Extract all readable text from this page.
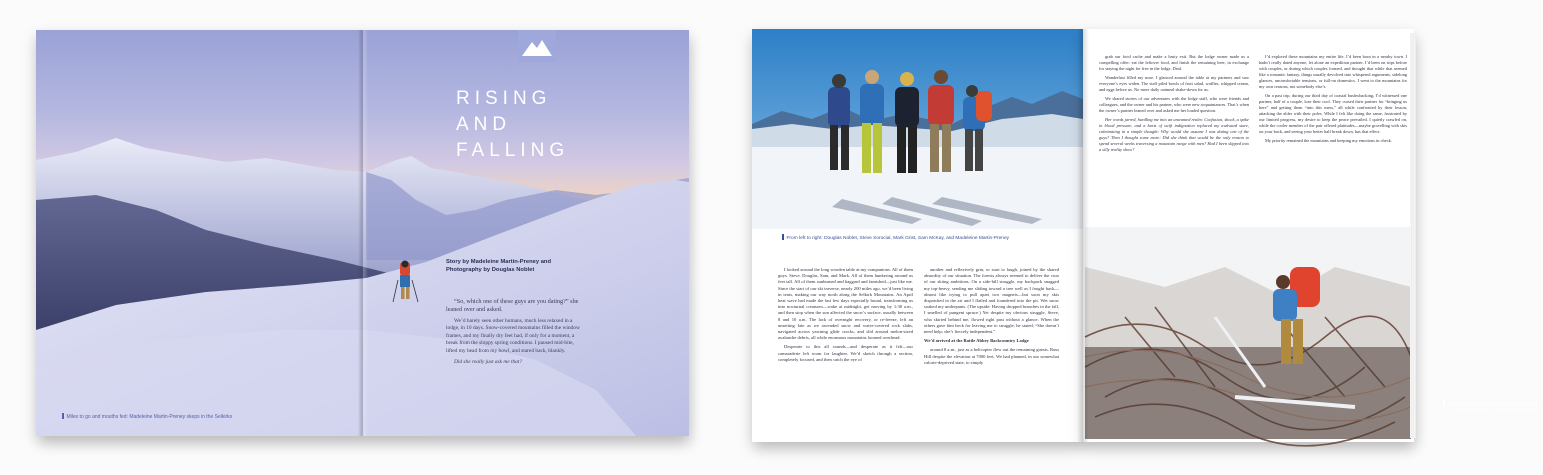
RISING
AND
FALLING
Story by Madeleine Martin-Preney and
Photography by Douglas Noblet

“So, which one of these guys are you dating?” she leaned over and asked.

We’d barely seen other humans, much less relaxed in a lodge, in 10 days. Snow-covered mountains filled the window frames, and my finally dry feet had, if only for a moment, a break from the sloppy spring conditions. I paused mid-bite, lifted my head from my bowl, and stared back, blankly.

Did she really just ask me that?

Miles to go and mouths fed: Madeleine Martin-Preney skeps in the Selkirks
From left to right: Douglas Noblet, Steve Sorocial, Mark Grist, Sam McKay, and Madeleine Martin-Preney

I looked around the long wooden table at my companions. All of them guys. Steve, Douglas, Sam, and Mark. All of them hunkering around us feet tall. All of them sunburned and haggard and famished—just like me. Since the start of our ski traverse, nearly 200 miles ago, we’d been living in tents, making our way north along the Selkirk Mountains. An April heat wave had made the last few days especially brutal, transforming us into nocturnal creatures—wake at midnight, get moving by 1:30 a.m., and then stop when the sun affected the snow’s surface, usually between 8 and 10 a.m. The lack of overnight recovery, or re-freeze, left an unsetting fate as we ascended snow and water-covered rock slabs, navigated across yawning glide cracks, and slid around melon-sized avalanche debris, all while enormous mountains loomed overhead.

Desperate to this all sounds—and desperate as it felt—our camaraderie left room for laughter. We’d sketch through a section, completely focused, and then catch the eye of

another and reflexively grin, or start to laugh, joined by the shared absurdity of our situation. The forests always seemed to deliver the crux of our skiing ambitions. On a side-hill struggle, my backpack snagged my top-heavy, sending me sliding toward a tree well as I fought back—almost like trying to pull apart two magnets—but soon my skis dispatched in the air and I flailed and foundered into the pit. Wet snow soaked my underpants. (The upside: Having dropped branches in the fall, I smelled of pungent spruce.) Yet despite my obvious struggle, Steve, who skirted behind me, flowed right past without a glance. When the others gave him heck for leaving me to struggle, he stated, “She doesn’t need help; she’s fiercely independent.”

We’d arrived at the Battle Abbey Backcountry Lodge

around 8 a.m., just as a helicopter flew out the remaining guests. Russ Hill despite the elevation at 7000 feet. We had planned, in our somewhat calorie-deprived state, to simply

grab our food cache and make a hasty exit. But the lodge owner made us a compelling offer: eat the leftover food, and finish the remaining beer, in exchange for staying the night for free in the lodge. Deal.

Wanderlust filled my nose. I glanced around the table at my partners and saw everyone’s eyes widen. The staff piled bowls of fruit salad, waffles, whipped cream, and eggs before us. No more daily oatmeal shake-down for us.

We shared stories of our adventures with the lodge staff, who were friends and colleagues, and the owner and his partner, who were new acquaintances. That’s when the owner’s partner leaned over and asked me her loaded question.

Her words jarred, hurdling me into an unwanted realm: Confusion, shock, a spike in blood pressure, and a burst of swift indignation replaced my awkward stare, culminating in a simple thought: Why would she assume I was dating one of the guys? Then I thought some more: Did she think that would be the only reason to spend several weeks traversing a mountain range with men? Had I been slipped into a silly reality show?

I’d explored these mountains my entire life. I’d been born in a nearby town. I hadn’t really dated anyone, let alone an expedition partner. I’d been on trips before with couples, or during which couples formed, and thought that while that seemed like a romantic fantasy, things usually devolved into whispered arguments, sidelong glances, uncomfortable tensions, or full-on domestics. I went to the mountains for my own reasons, not somebody else’s.

On a past trip, during our third day of coastal bushwhacking, I’d witnessed one partner, half of a couple, lose their cool. They cursed their partner for “bringing us here” and getting them “into this mess,” all while confronted by their lesson, attacking the alder with their poles. While I felt like doing the same, frustrated by our limited progress, my desire to keep the peace prevailed. I quietly crawled on, while the cooler member of the pair offered platitudes—maybe grovelling with skis on your back, and seeing your better half break down, has that effect.

My priority remained the mountains and keeping my emotions in check.

The forests always seemed to deliver the crux of our skiing ambitions. | Selkirk crossings type 4 fans
